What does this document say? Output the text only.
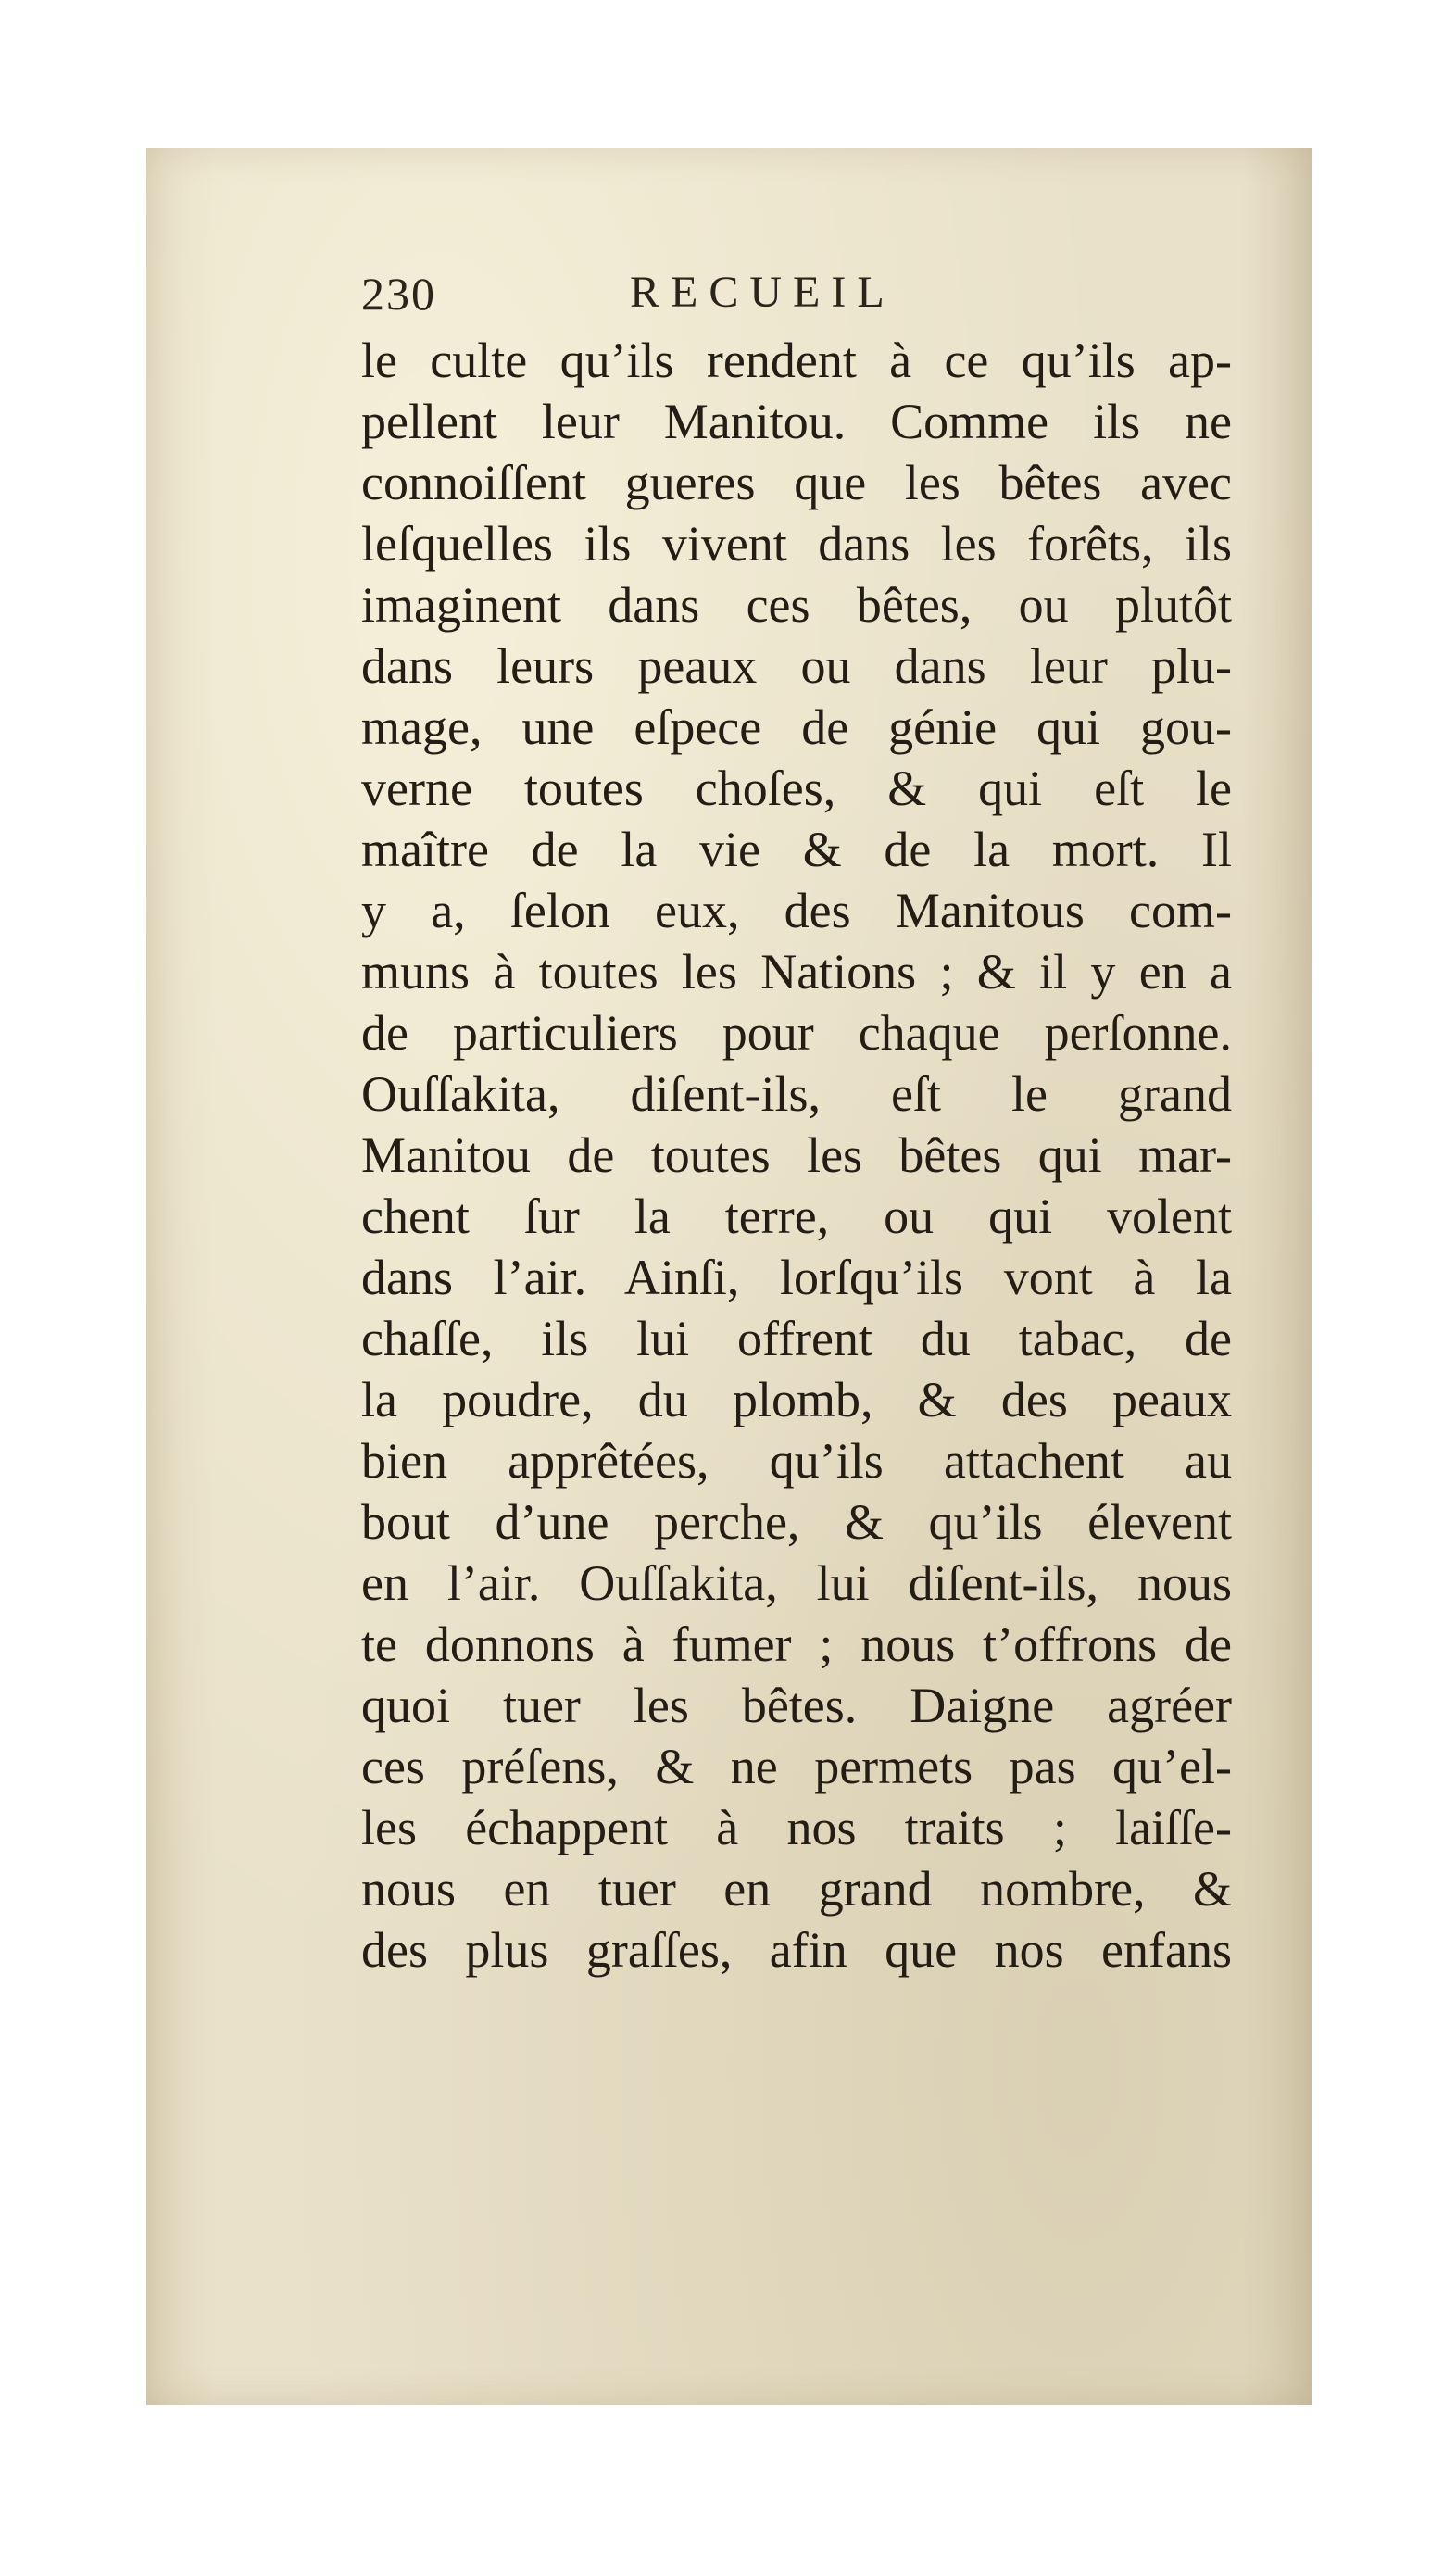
230	RECUEIL
le culte qu’ils rendent à ce qu’ils ap-
pellent leur Manitou. Comme ils ne
connoiſſent gueres que les bêtes avec
leſquelles ils vivent dans les forêts, ils
imaginent dans ces bêtes, ou plutôt
dans leurs peaux ou dans leur plu-
mage, une eſpece de génie qui gou-
verne toutes choſes, & qui eſt le
maître de la vie & de la mort. Il
y a, ſelon eux, des Manitous com-
muns à toutes les Nations ; & il y en a
de particuliers pour chaque perſonne.
Ouſſakita, diſent-ils, eſt le grand
Manitou de toutes les bêtes qui mar-
chent ſur la terre, ou qui volent
dans l’air. Ainſi, lorſqu’ils vont à la
chaſſe, ils lui offrent du tabac, de
la poudre, du plomb, & des peaux
bien apprêtées, qu’ils attachent au
bout d’une perche, & qu’ils élevent
en l’air. Ouſſakita, lui diſent-ils, nous
te donnons à fumer ; nous t’offrons de
quoi tuer les bêtes. Daigne agréer
ces préſens, & ne permets pas qu’el-
les échappent à nos traits ; laiſſe-
nous en tuer en grand nombre, &
des plus graſſes, afin que nos enfans
